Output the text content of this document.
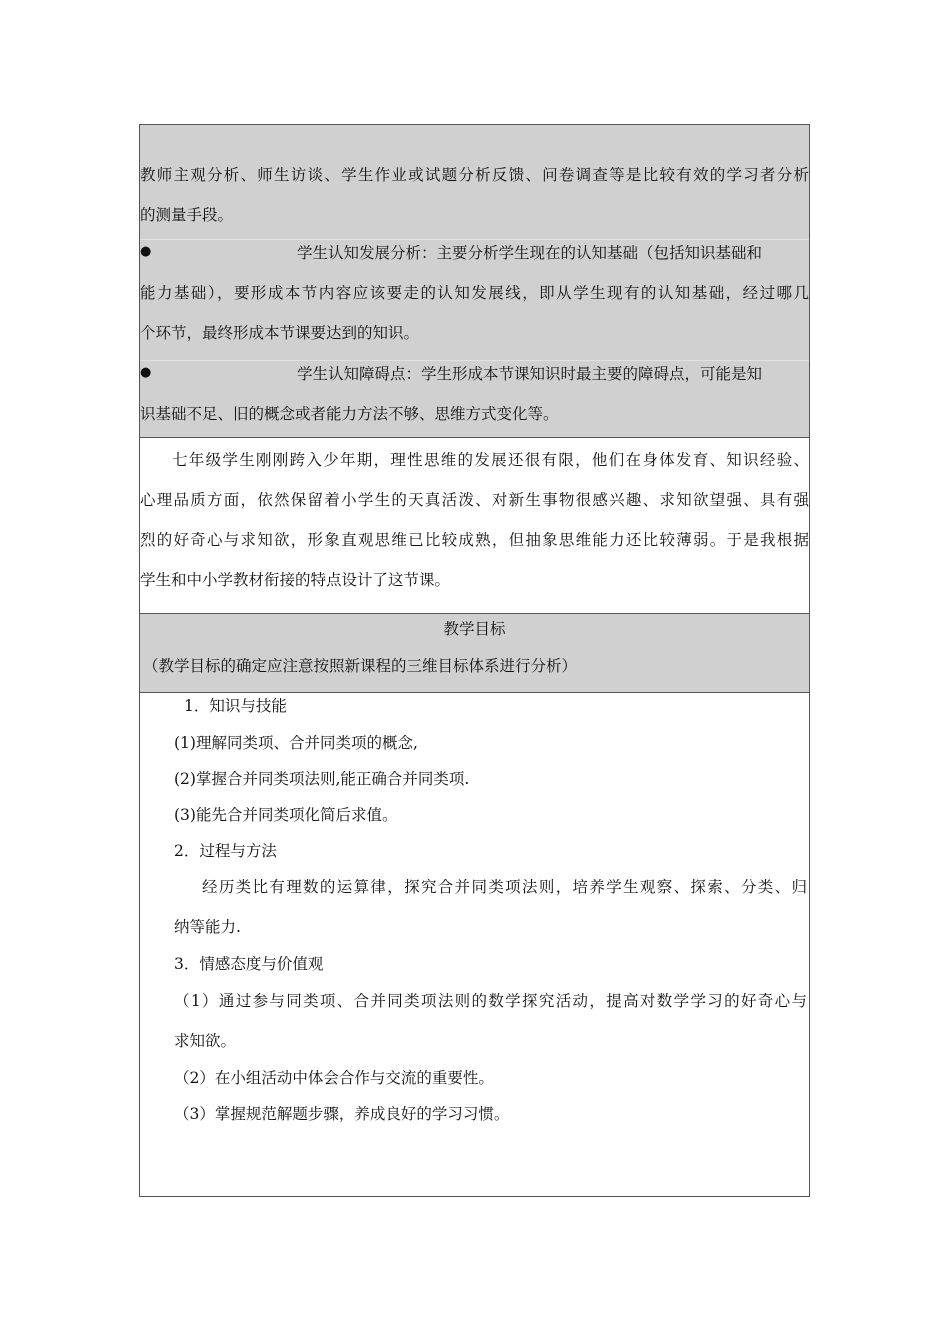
教师主观分析、师生访谈、学生作业或试题分析反馈、问卷调查等是比较有效的学习者分析
的测量手段。
●	学生认知发展分析：主要分析学生现在的认知基础（包括知识基础和
能力基础），要形成本节内容应该要走的认知发展线，即从学生现有的认知基础，经过哪几
个环节，最终形成本节课要达到的知识。
●	学生认知障碍点：学生形成本节课知识时最主要的障碍点，可能是知
识基础不足、旧的概念或者能力方法不够、思维方式变化等。
七年级学生刚刚跨入少年期，理性思维的发展还很有限，他们在身体发育、知识经验、
心理品质方面，依然保留着小学生的天真活泼、对新生事物很感兴趣、求知欲望强、具有强
烈的好奇心与求知欲，形象直观思维已比较成熟，但抽象思维能力还比较薄弱。于是我根据
学生和中小学教材衔接的特点设计了这节课。
教学目标
（教学目标的确定应注意按照新课程的三维目标体系进行分析）
1．知识与技能
(1)理解同类项、合并同类项的概念,
(2)掌握合并同类项法则,能正确合并同类项.
(3)能先合并同类项化简后求值。
2．过程与方法
经历类比有理数的运算律，探究合并同类项法则，培养学生观察、探索、分类、归
纳等能力.
3．情感态度与价值观
（1）通过参与同类项、合并同类项法则的数学探究活动，提高对数学学习的好奇心与
求知欲。
（2）在小组活动中体会合作与交流的重要性。
（3）掌握规范解题步骤，养成良好的学习习惯。
